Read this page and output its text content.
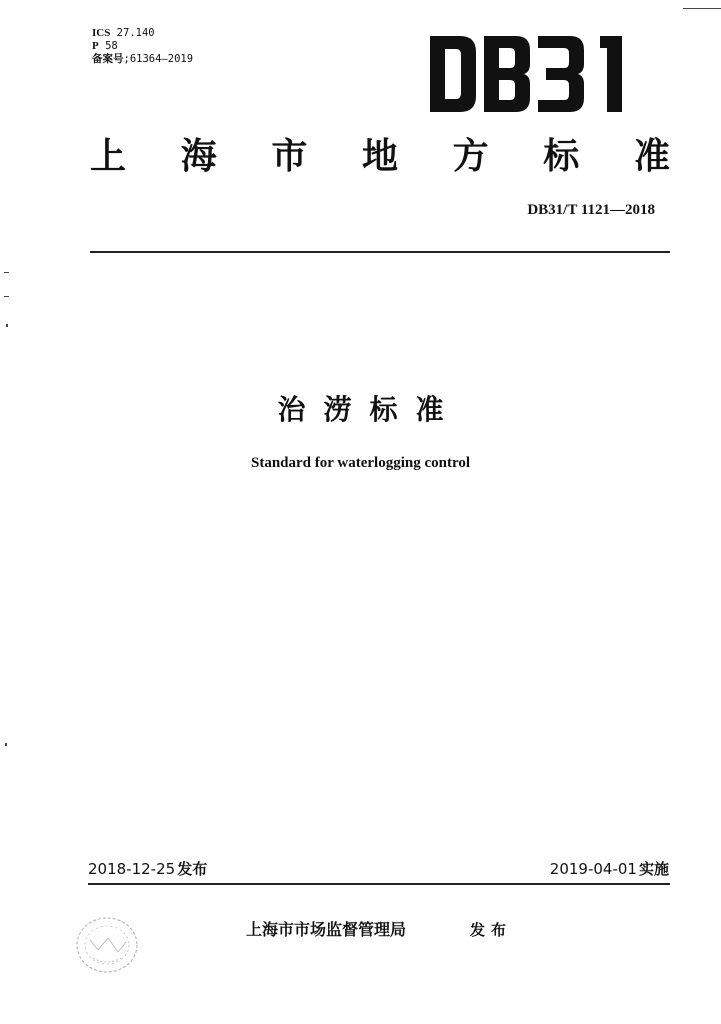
ICS 27.140
P 58
备案号;61364—2019
上 海 市 地 方 标 准
DB31/T 1121—2018
治涝标准
Standard for waterlogging control
2018-12-25 发布	2019-04-01 实施
上海市市场监督管理局	发布
